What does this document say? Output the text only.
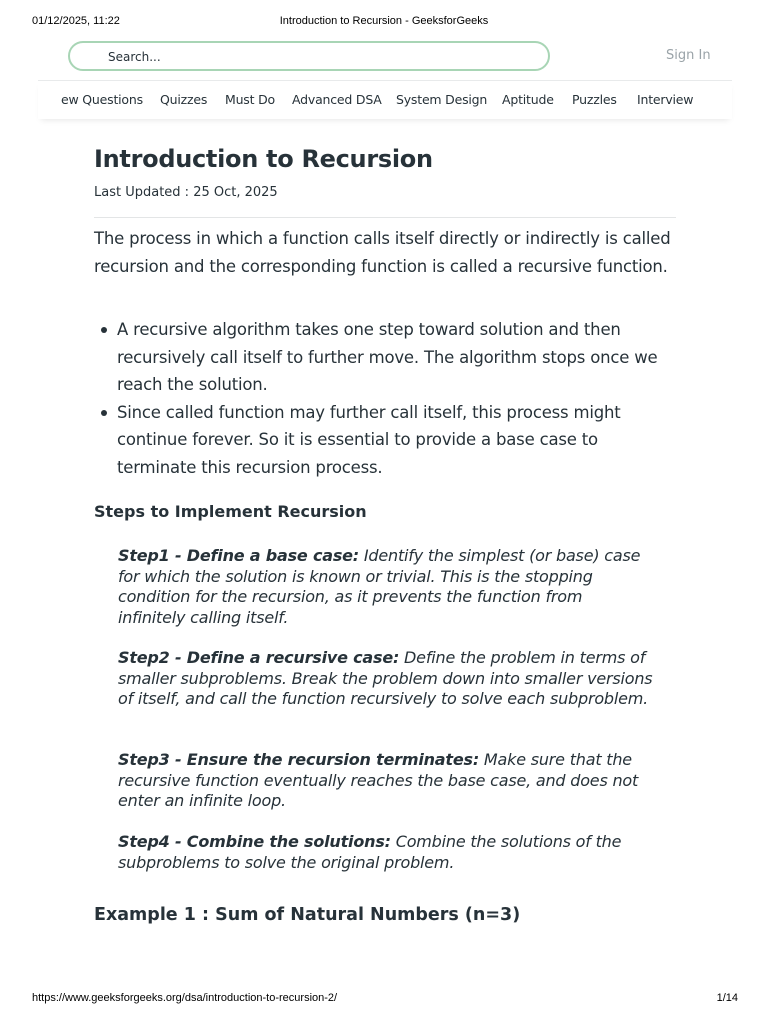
01/12/2025, 11:22	Introduction to Recursion - GeeksforGeeks
Search...
Sign In
ew Questions Quizzes Must Do Advanced DSA System Design Aptitude Puzzles Interview
Introduction to Recursion
Last Updated : 25 Oct, 2025

The process in which a function calls itself directly or indirectly is called recursion and the corresponding function is called a recursive function.

A recursive algorithm takes one step toward solution and then recursively call itself to further move. The algorithm stops once we reach the solution.
Since called function may further call itself, this process might continue forever. So it is essential to provide a base case to terminate this recursion process.
Steps to Implement Recursion

Step1 - Define a base case: Identify the simplest (or base) case for which the solution is known or trivial. This is the stopping condition for the recursion, as it prevents the function from infinitely calling itself.

Step2 - Define a recursive case: Define the problem in terms of smaller subproblems. Break the problem down into smaller versions of itself, and call the function recursively to solve each subproblem.

Step3 - Ensure the recursion terminates: Make sure that the recursive function eventually reaches the base case, and does not enter an infinite loop.

Step4 - Combine the solutions: Combine the solutions of the subproblems to solve the original problem.

Example 1 : Sum of Natural Numbers (n=3)
https://www.geeksforgeeks.org/dsa/introduction-to-recursion-2/	1/14
